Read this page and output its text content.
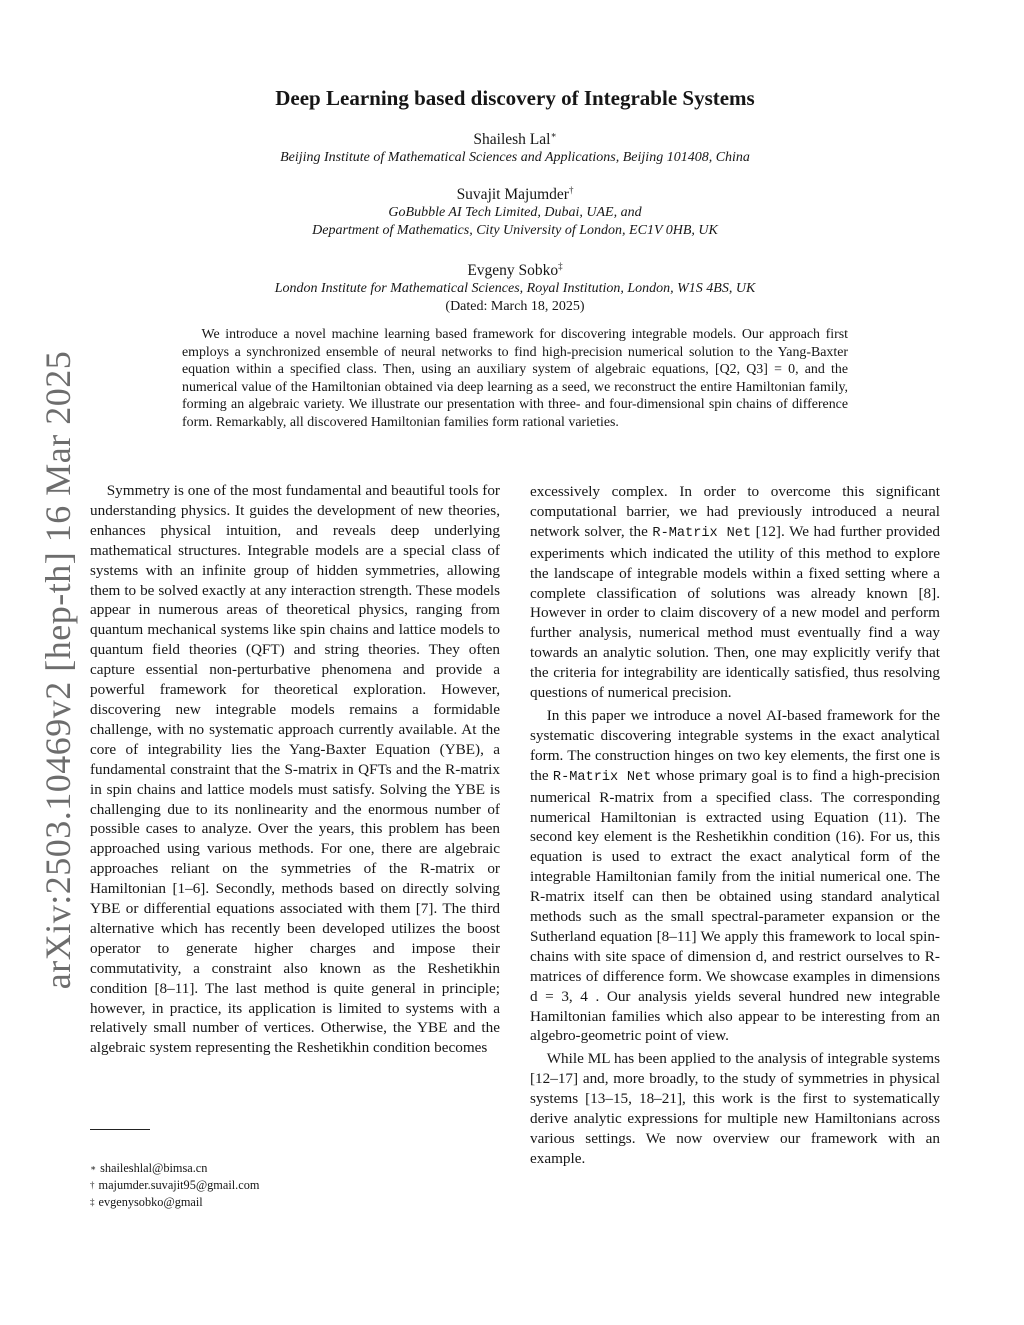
arXiv:2503.10469v2 [hep-th] 16 Mar 2025
Deep Learning based discovery of Integrable Systems
Shailesh Lal∗
Beijing Institute of Mathematical Sciences and Applications, Beijing 101408, China
Suvajit Majumder†
GoBubble AI Tech Limited, Dubai, UAE, and
Department of Mathematics, City University of London, EC1V 0HB, UK
Evgeny Sobko‡
London Institute for Mathematical Sciences, Royal Institution, London, W1S 4BS, UK
(Dated: March 18, 2025)
We introduce a novel machine learning based framework for discovering integrable models. Our approach first employs a synchronized ensemble of neural networks to find high-precision numerical solution to the Yang-Baxter equation within a specified class. Then, using an auxiliary system of algebraic equations, [Q2, Q3] = 0, and the numerical value of the Hamiltonian obtained via deep learning as a seed, we reconstruct the entire Hamiltonian family, forming an algebraic variety. We illustrate our presentation with three- and four-dimensional spin chains of difference form. Remarkably, all discovered Hamiltonian families form rational varieties.

Symmetry is one of the most fundamental and beautiful tools for understanding physics. It guides the development of new theories, enhances physical intuition, and reveals deep underlying mathematical structures. Integrable models are a special class of systems with an infinite group of hidden symmetries, allowing them to be solved exactly at any interaction strength. These models appear in numerous areas of theoretical physics, ranging from quantum mechanical systems like spin chains and lattice models to quantum field theories (QFT) and string theories. They often capture essential non-perturbative phenomena and provide a powerful framework for theoretical exploration. However, discovering new integrable models remains a formidable challenge, with no systematic approach currently available. At the core of integrability lies the Yang-Baxter Equation (YBE), a fundamental constraint that the S-matrix in QFTs and the R-matrix in spin chains and lattice models must satisfy. Solving the YBE is challenging due to its nonlinearity and the enormous number of possible cases to analyze. Over the years, this problem has been approached using various methods. For one, there are algebraic approaches reliant on the symmetries of the R-matrix or Hamiltonian [1–6]. Secondly, methods based on directly solving YBE or differential equations associated with them [7]. The third alternative which has recently been developed utilizes the boost operator to generate higher charges and impose their commutativity, a constraint also known as the Reshetikhin condition [8–11]. The last method is quite general in principle; however, in practice, its application is limited to systems with a relatively small number of vertices. Otherwise, the YBE and the algebraic system representing the Reshetikhin condition becomes

excessively complex. In order to overcome this significant computational barrier, we had previously introduced a neural network solver, the R-Matrix Net [12]. We had further provided experiments which indicated the utility of this method to explore the landscape of integrable models within a fixed setting where a complete classification of solutions was already known [8]. However in order to claim discovery of a new model and perform further analysis, numerical method must eventually find a way towards an analytic solution. Then, one may explicitly verify that the criteria for integrability are identically satisfied, thus resolving questions of numerical precision.

In this paper we introduce a novel AI-based framework for the systematic discovering integrable systems in the exact analytical form. The construction hinges on two key elements, the first one is the R-Matrix Net whose primary goal is to find a high-precision numerical R-matrix from a specified class. The corresponding numerical Hamiltonian is extracted using Equation (11). The second key element is the Reshetikhin condition (16). For us, this equation is used to extract the exact analytical form of the integrable Hamiltonian family from the initial numerical one. The R-matrix itself can then be obtained using standard analytical methods such as the small spectral-parameter expansion or the Sutherland equation [8–11] We apply this framework to local spin-chains with site space of dimension d, and restrict ourselves to R-matrices of difference form. We showcase examples in dimensions d = 3, 4 . Our analysis yields several hundred new integrable Hamiltonian families which also appear to be interesting from an algebro-geometric point of view.

While ML has been applied to the analysis of integrable systems [12–17] and, more broadly, to the study of symmetries in physical systems [13–15, 18–21], this work is the first to systematically derive analytic expressions for multiple new Hamiltonians across various settings. We now overview our framework with an example.

∗ shaileshlal@bimsa.cn
† majumder.suvajit95@gmail.com
‡ evgenysobko@gmail
